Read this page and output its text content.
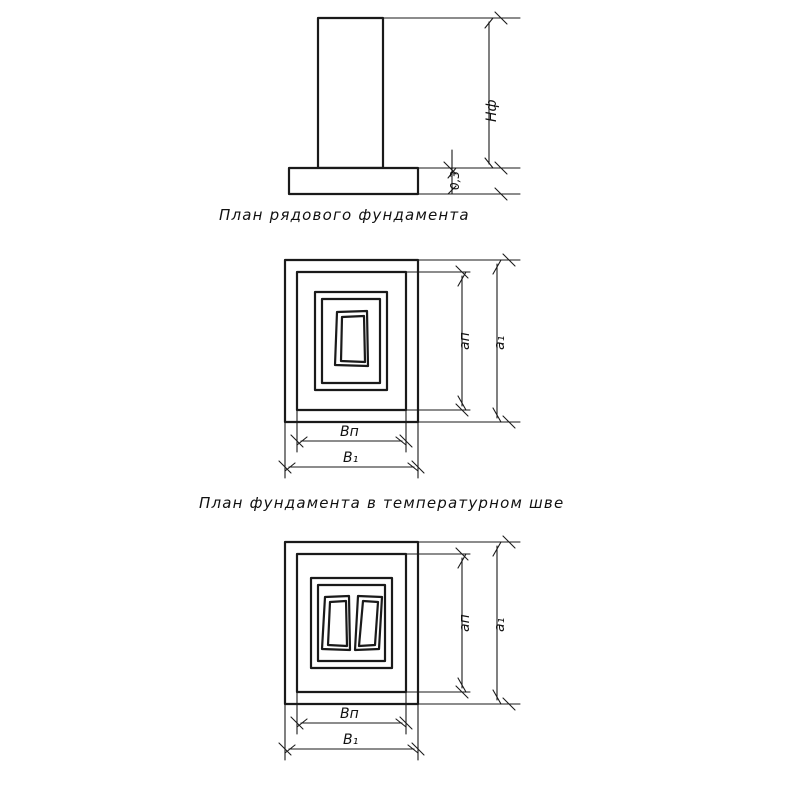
План рядового фундамента
План фундамента в температурном шве
Hф
0,3
aп a₁
Bп
B₁
aп a₁
Bп
B₁
